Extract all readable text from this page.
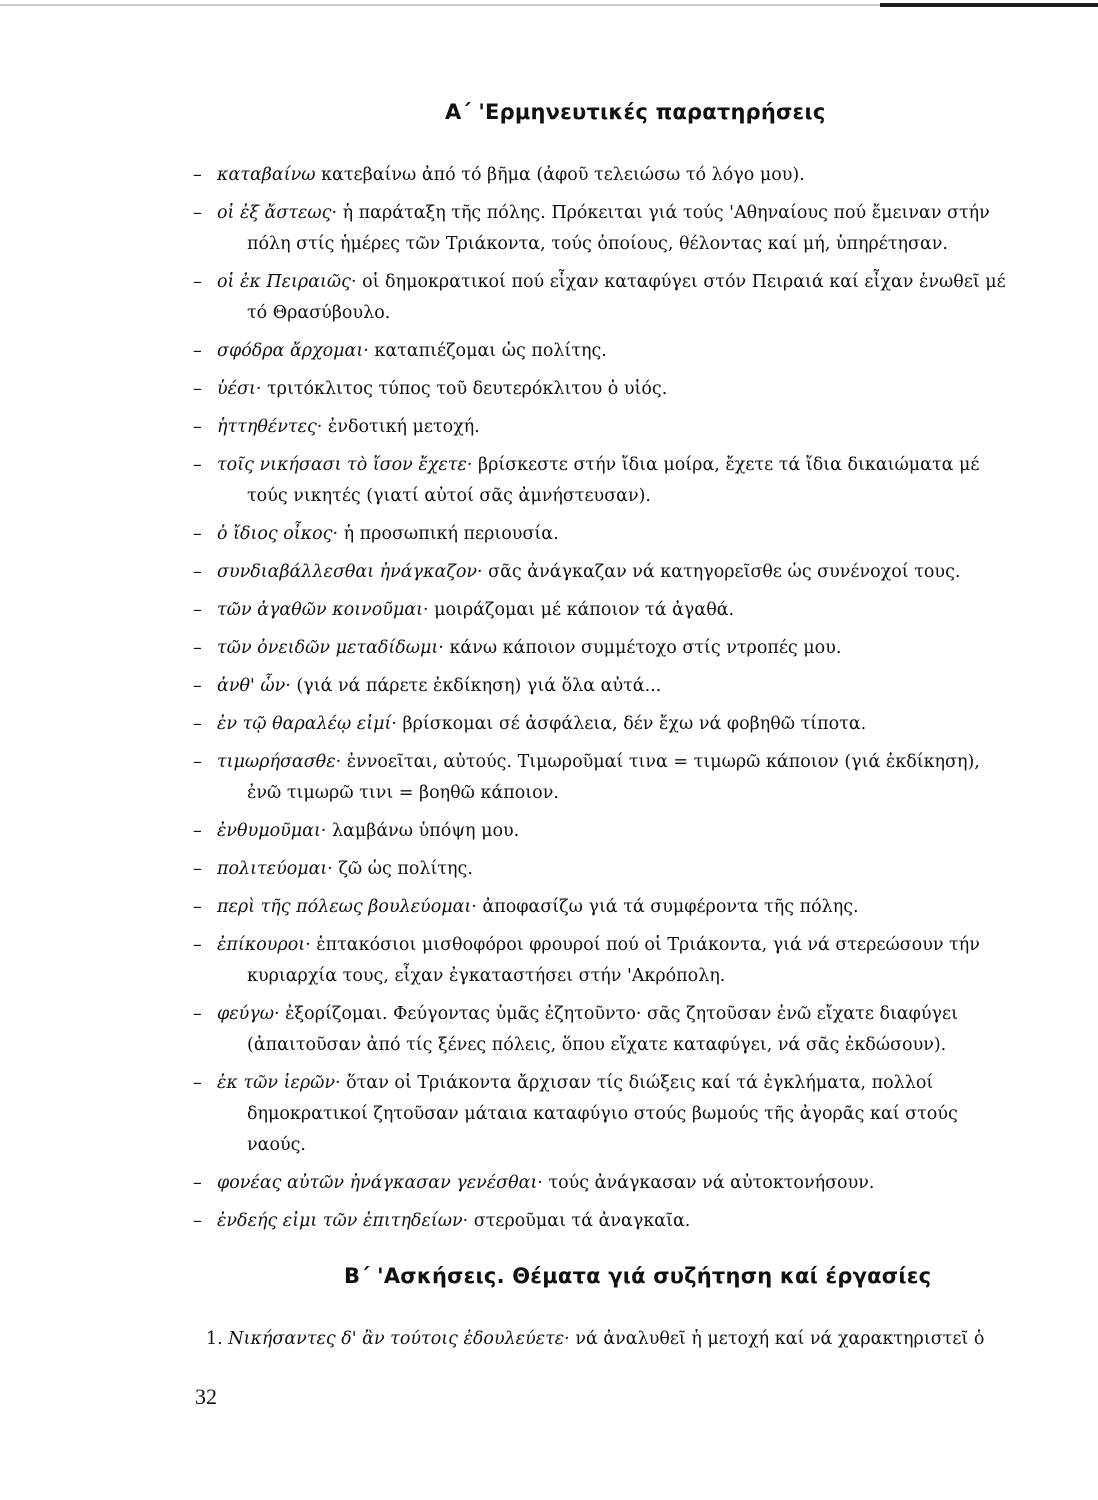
Α΄ 'Ερμηνευτικές παρατηρήσεις
– καταβαίνω κατεβαίνω ἀπό τό βῆμα (ἀφοῦ τελειώσω τό λόγο μου).
– οἱ ἐξ ἄστεως· ἡ παράταξη τῆς πόλης. Πρόκειται γιά τούς 'Αθηναίους πού ἔμειναν στήν
πόλη στίς ἡμέρες τῶν Τριάκοντα, τούς ὁποίους, θέλοντας καί μή, ὑπηρέτησαν.
– οἱ ἐκ Πειραιῶς· οἱ δημοκρατικοί πού εἶχαν καταφύγει στόν Πειραιά καί εἶχαν ἑνωθεῖ μέ
τό Θρασύβουλο.
– σφόδρα ἄρχομαι· καταπιέζομαι ὡς πολίτης.
– ὑέσι· τριτόκλιτος τύπος τοῦ δευτερόκλιτου ὁ υἱός.
– ἡττηθέντες· ἐνδοτική μετοχή.
– τοῖς νικήσασι τὸ ἴσον ἔχετε· βρίσκεστε στήν ἴδια μοίρα, ἔχετε τά ἴδια δικαιώματα μέ
τούς νικητές (γιατί αὐτοί σᾶς ἀμνήστευσαν).
– ὁ ἴδιος οἶκος· ἡ προσωπική περιουσία.
– συνδιαβάλλεσθαι ἠνάγκαζον· σᾶς ἀνάγκαζαν νά κατηγορεῖσθε ὡς συνένοχοί τους.
– τῶν ἀγαθῶν κοινοῦμαι· μοιράζομαι μέ κάποιον τά ἀγαθά.
– τῶν ὀνειδῶν μεταδίδωμι· κάνω κάποιον συμμέτοχο στίς ντροπές μου.
– ἀνθ' ὧν· (γιά νά πάρετε ἐκδίκηση) γιά ὅλα αὐτά...
– ἐν τῷ θαραλέῳ εἰμί· βρίσκομαι σέ ἀσφάλεια, δέν ἔχω νά φοβηθῶ τίποτα.
– τιμωρήσασθε· ἐννοεῖται, αὐτούς. Τιμωροῦμαί τινα = τιμωρῶ κάποιον (γιά ἐκδίκηση),
ἐνῶ τιμωρῶ τινι = βοηθῶ κάποιον.
– ἐνθυμοῦμαι· λαμβάνω ὑπόψη μου.
– πολιτεύομαι· ζῶ ὡς πολίτης.
– περὶ τῆς πόλεως βουλεύομαι· ἀποφασίζω γιά τά συμφέροντα τῆς πόλης.
– ἐπίκουροι· ἑπτακόσιοι μισθοφόροι φρουροί πού οἱ Τριάκοντα, γιά νά στερεώσουν τήν
κυριαρχία τους, εἶχαν ἐγκαταστήσει στήν 'Ακρόπολη.
– φεύγω· ἐξορίζομαι. Φεύγοντας ὑμᾶς ἐζητοῦντο· σᾶς ζητοῦσαν ἐνῶ εἴχατε διαφύγει
(ἀπαιτοῦσαν ἀπό τίς ξένες πόλεις, ὅπου εἴχατε καταφύγει, νά σᾶς ἐκδώσουν).
– ἐκ τῶν ἱερῶν· ὅταν οἱ Τριάκοντα ἄρχισαν τίς διώξεις καί τά ἐγκλήματα, πολλοί
δημοκρατικοί ζητοῦσαν μάταια καταφύγιο στούς βωμούς τῆς ἀγορᾶς καί στούς
ναούς.
– φονέας αὐτῶν ἠνάγκασαν γενέσθαι· τούς ἀνάγκασαν νά αὐτοκτονήσουν.
– ἐνδεής εἰμι τῶν ἐπιτηδείων· στεροῦμαι τά ἀναγκαῖα.
Β΄ 'Ασκήσεις. Θέματα γιά συζήτηση καί έργασίες
1. Νικήσαντες δ' ἂν τούτοις ἐδουλεύετε· νά ἀναλυθεῖ ἡ μετοχή καί νά χαρακτηριστεῖ ὁ
32
